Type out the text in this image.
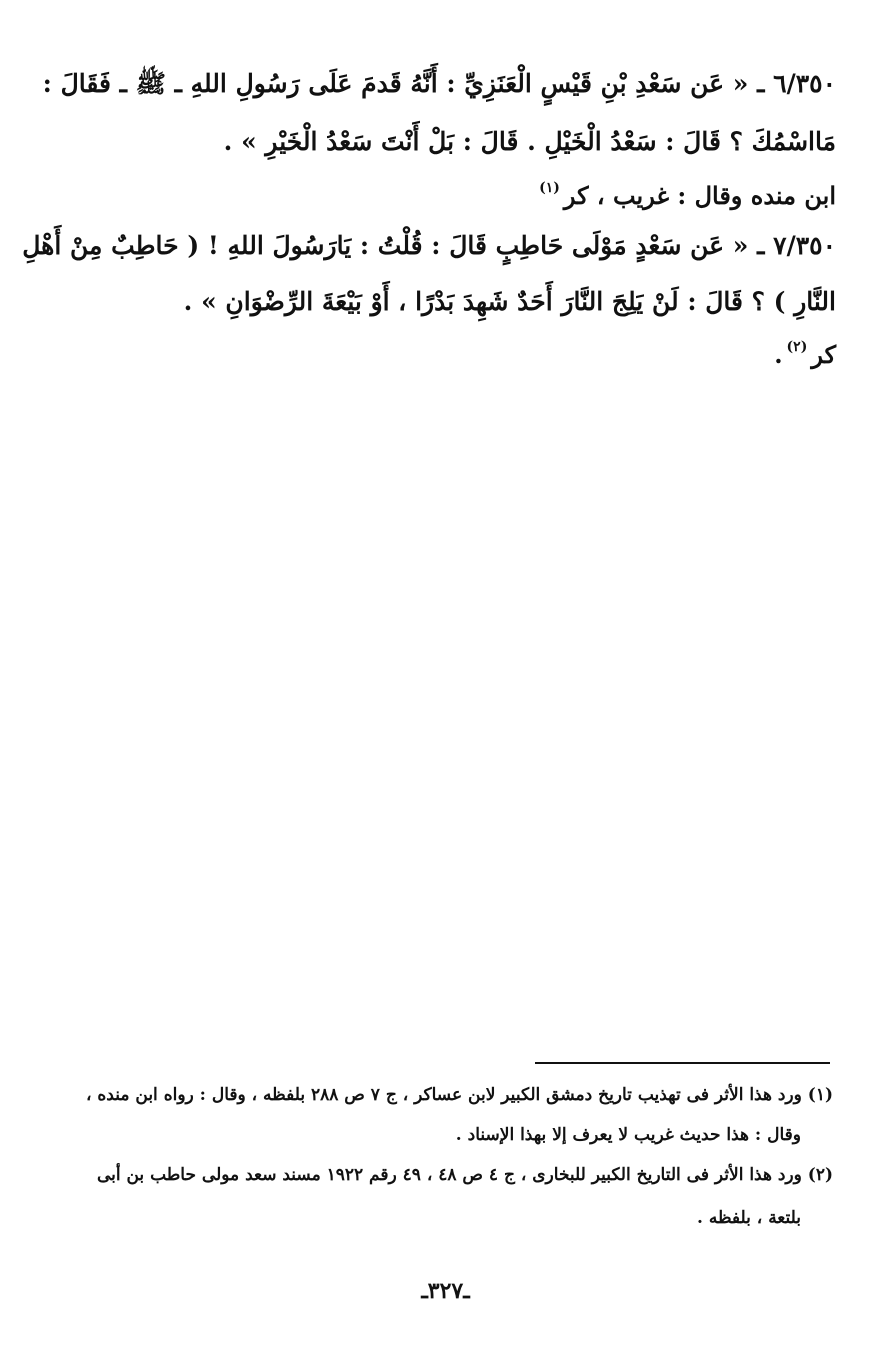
٦/٣٥٠ ـ « عَن سَعْدِ بْنِ قَيْسٍ الْعَنَزِيِّ : أَنَّهُ قَدمَ عَلَى رَسُولِ اللهِ ـ ﷺ ـ فَقَالَ :
مَااسْمُكَ ؟ قَالَ : سَعْدُ الْخَيْلِ . قَالَ : بَلْ أَنْتَ سَعْدُ الْخَيْرِ » .
ابن منده وقال : غريب ، كر$^{(١)}$
٧/٣٥٠ ـ « عَن سَعْدٍ مَوْلَى حَاطِبٍ قَالَ : قُلْتُ : يَارَسُولَ اللهِ ! ( حَاطِبٌ مِنْ أَهْلِ
النَّارِ ) ؟ قَالَ : لَنْ يَلِجَ النَّارَ أَحَدٌ شَهِدَ بَدْرًا ، أَوْ بَيْعَةَ الرِّضْوَانِ » .
كر$^{(٢)}$.
(١) ورد هذا الأثر فى تهذيب تاريخ دمشق الكبير لابن عساكر ، ج ٧ ص ٢٨٨ بلفظه ، وقال : رواه ابن منده ،
وقال : هذا حديث غريب لا يعرف إلا بهذا الإسناد .
(٢) ورد هذا الأثر فى التاريخ الكبير للبخارى ، ج ٤ ص ٤٨ ، ٤٩ رقم ١٩٢٢ مسند سعد مولى حاطب بن أبى
بلتعة ، بلفظه .
ـ٣٢٧ـ
